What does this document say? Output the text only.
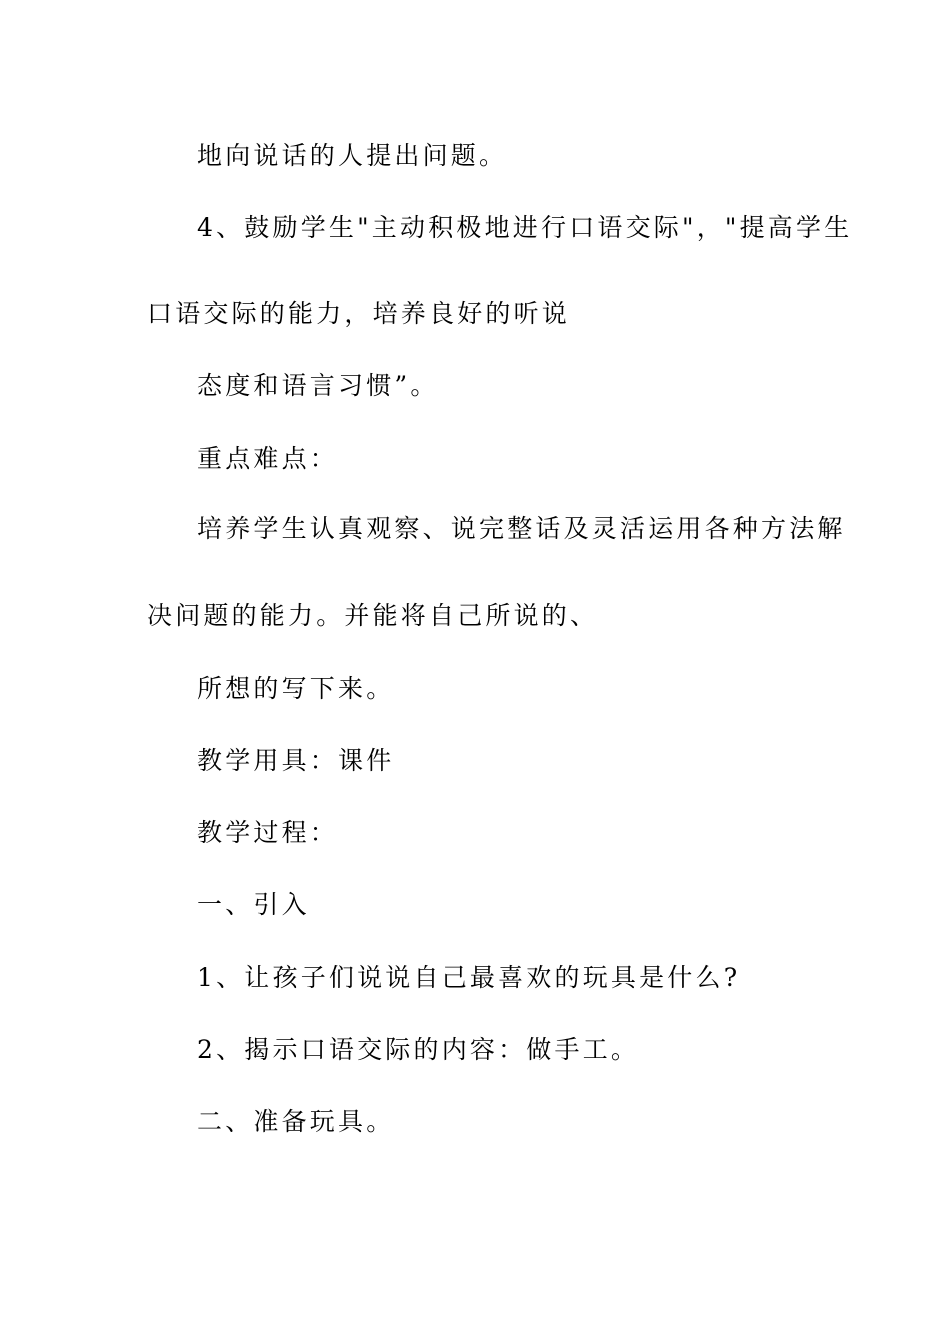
地向说话的人提出问题。
4、鼓励学生"主动积极地进行口语交际"，"提高学生
口语交际的能力，培养良好的听说
态度和语言习惯”。
重点难点：
培养学生认真观察、说完整话及灵活运用各种方法解
决问题的能力。并能将自己所说的、
所想的写下来。
教学用具：课件
教学过程：
一、引入
1、让孩子们说说自己最喜欢的玩具是什么?
2、揭示口语交际的内容：做手工。
二、准备玩具。
